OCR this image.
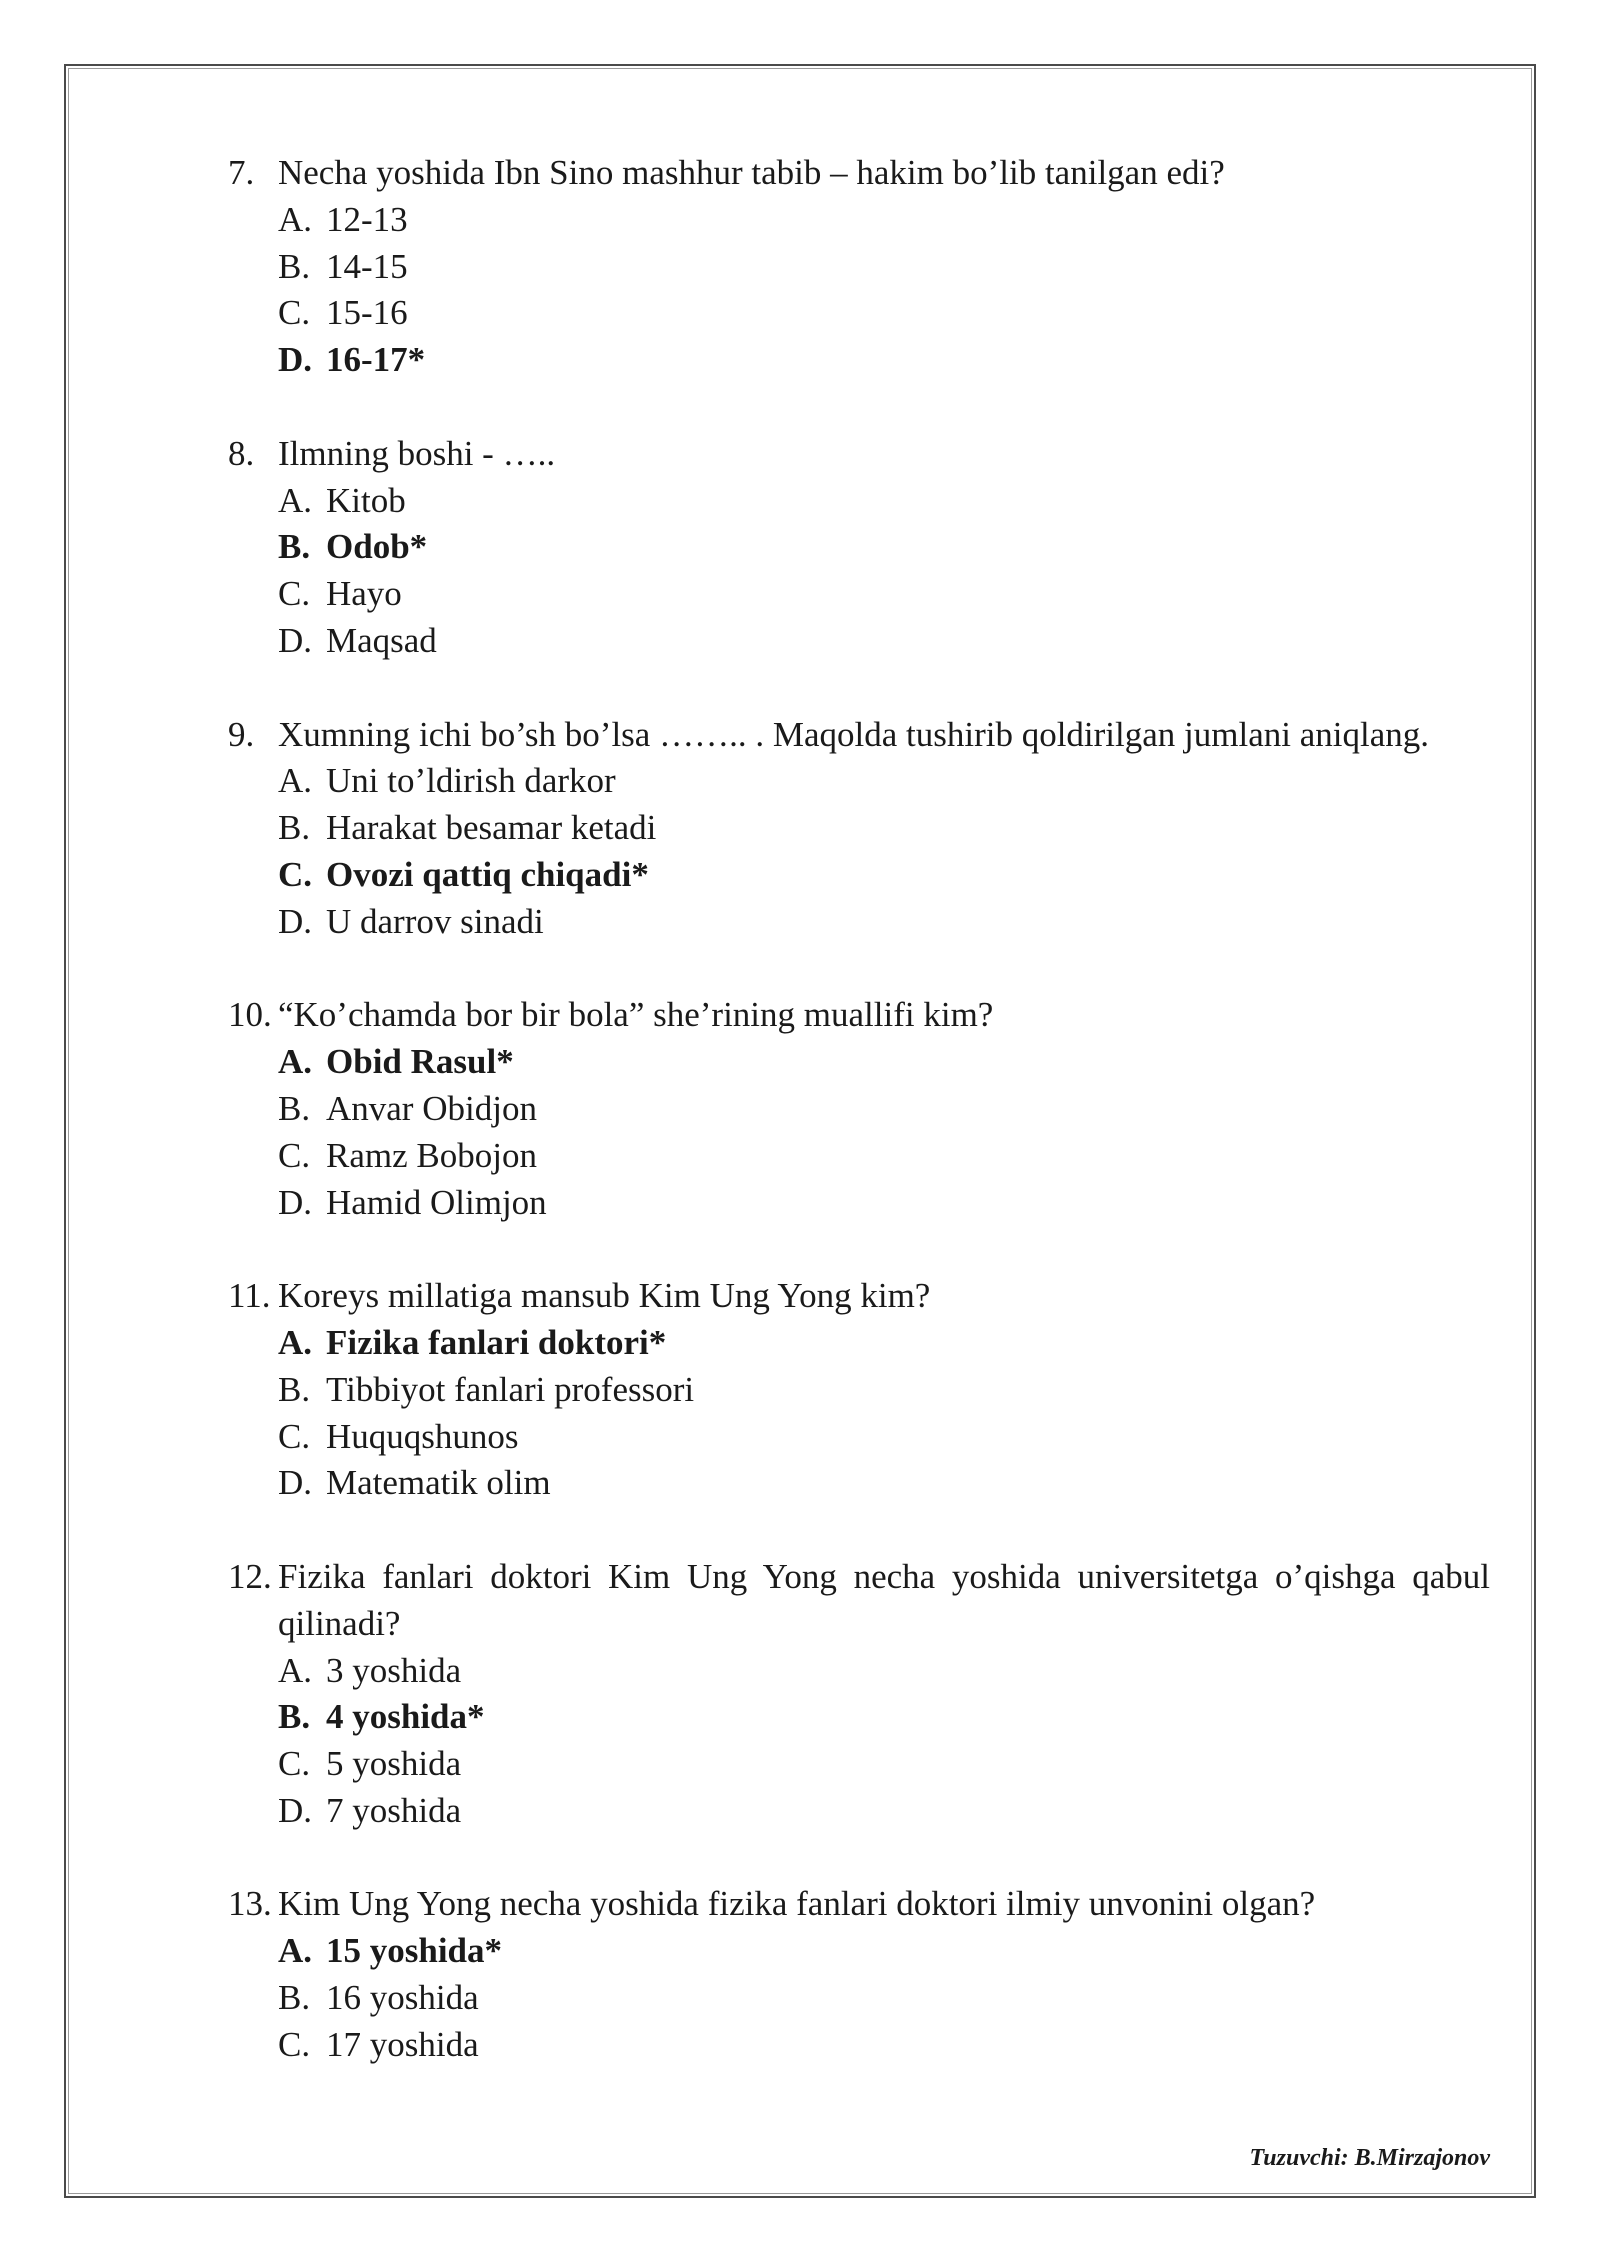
7. Necha yoshida Ibn Sino mashhur tabib – hakim bo’lib tanilgan edi?
A. 12-13
B. 14-15
C. 15-16
D. 16-17*
8. Ilmning boshi - …..
A. Kitob
B. Odob*
C. Hayo
D. Maqsad
9. Xumning ichi bo’sh bo’lsa …….. . Maqolda tushirib qoldirilgan jumlani aniqlang.
A. Uni to’ldirish darkor
B. Harakat besamar ketadi
C. Ovozi qattiq chiqadi*
D. U darrov sinadi
10. “Ko’chamda bor bir bola” she’rining muallifi kim?
A. Obid Rasul*
B. Anvar Obidjon
C. Ramz Bobojon
D. Hamid Olimjon
11. Koreys millatiga mansub Kim Ung Yong kim?
A. Fizika fanlari doktori*
B. Tibbiyot fanlari professori
C. Huquqshunos
D. Matematik olim
12. Fizika fanlari doktori Kim Ung Yong necha yoshida universitetga o’qishga qabul qilinadi?
A. 3 yoshida
B. 4 yoshida*
C. 5 yoshida
D. 7 yoshida
13. Kim Ung Yong necha yoshida fizika fanlari doktori ilmiy unvonini olgan?
A. 15 yoshida*
B. 16 yoshida
C. 17 yoshida
Tuzuvchi: B.Mirzajonov
